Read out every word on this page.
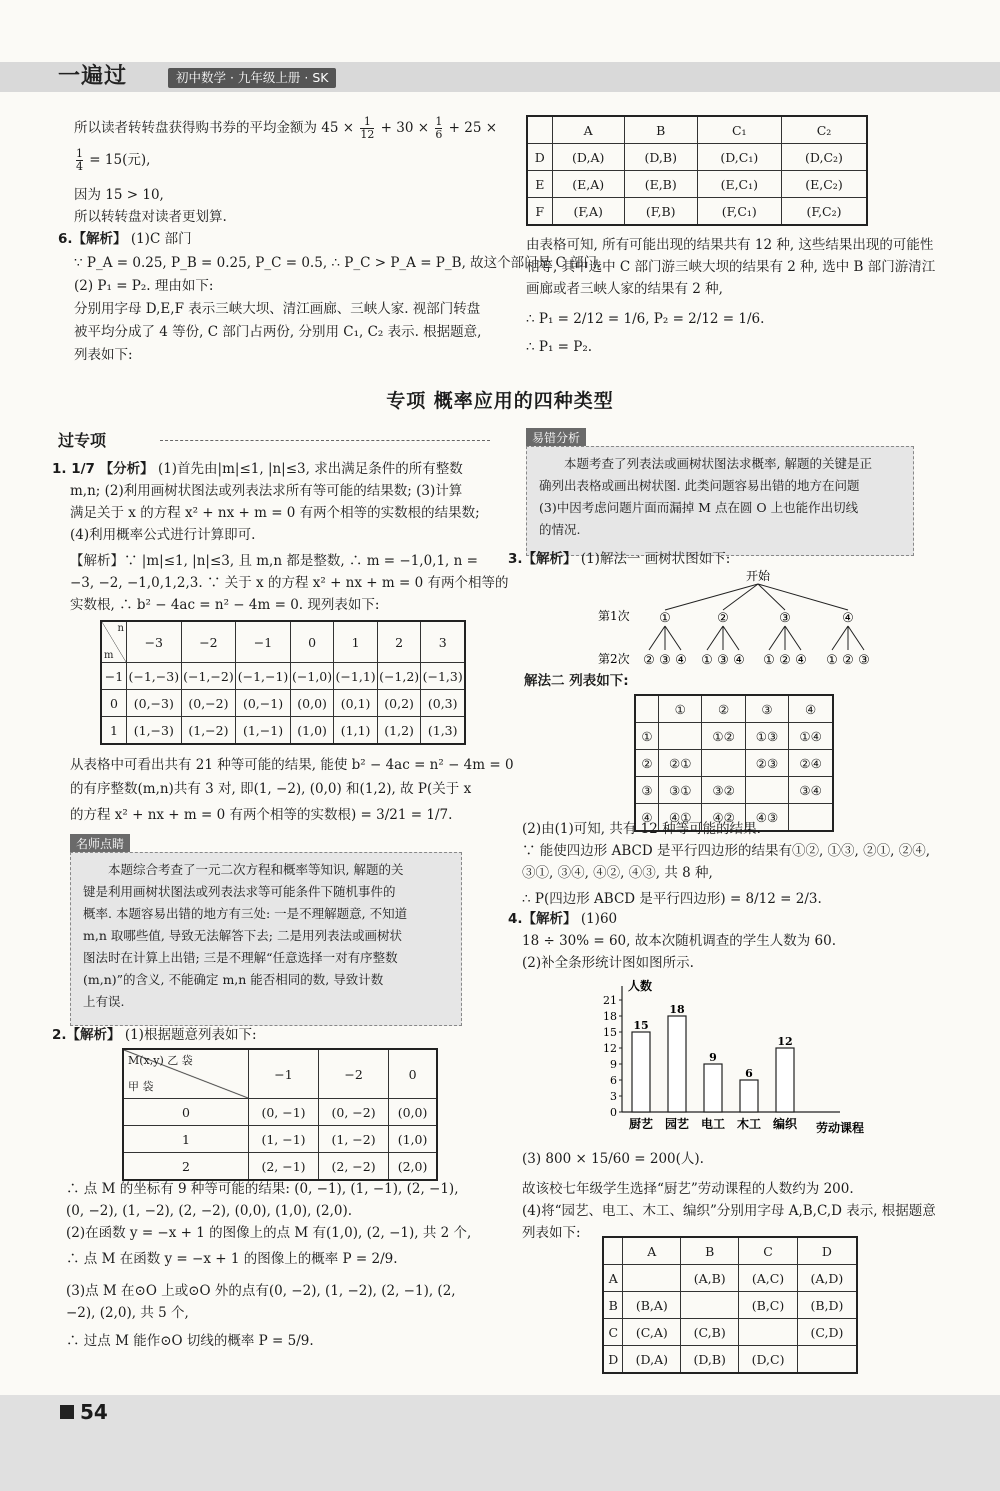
一遍过	初中数学 · 九年级上册 · SK
所以读者转转盘获得购书券的平均金额为 $45 \times \frac{1}{12} + 30 \times \frac{1}{6} + 25$ ×
$\frac{1}{4} = 15$(元),
因为 15 > 10,
所以转转盘对读者更划算.
6.【解析】 (1)C 部门
∵ P_A = 0.25, P_B = 0.25, P_C = 0.5, ∴ P_C > P_A = P_B, 故这个部门是 C 部门.
(2) P₁ = P₂. 理由如下:
分别用字母 D,E,F 表示三峡大坝、清江画廊、三峡人家. 视部门转盘
被平均分成了 4 等份, C 部门占两份, 分别用 C₁, C₂ 表示. 根据题意,
列表如下:
	A	B	C₁	C₂
D	(D,A)	(D,B)	(D,C₁)	(D,C₂)
E	(E,A)	(E,B)	(E,C₁)	(E,C₂)
F	(F,A)	(F,B)	(F,C₁)	(F,C₂)
由表格可知, 所有可能出现的结果共有 12 种, 这些结果出现的可能性
相等, 其中选中 C 部门游三峡大坝的结果有 2 种, 选中 B 部门游清江
画廊或者三峡人家的结果有 2 种,
∴ P₁ = 2/12 = 1/6, P₂ = 2/12 = 1/6.
∴ P₁ = P₂.
专项 概率应用的四种类型
过专项
1. 1/7 【分析】 (1)首先由|m|≤1, |n|≤3, 求出满足条件的所有整数
m,n; (2)利用画树状图法或列表法求所有等可能的结果数; (3)计算
满足关于 x 的方程 x² + nx + m = 0 有两个相等的实数根的结果数;
(4)利用概率公式进行计算即可.
【解析】∵ |m|≤1, |n|≤3, 且 m,n 都是整数, ∴ m = −1,0,1, n =
−3, −2, −1,0,1,2,3. ∵ 关于 x 的方程 x² + nx + m = 0 有两个相等的
实数根, ∴ b² − 4ac = n² − 4m = 0. 现列表如下:
n
m	−3	−2	−1	0	1	2	3
−1	(−1,−3)	(−1,−2)	(−1,−1)	(−1,0)	(−1,1)	(−1,2)	(−1,3)
0	(0,−3)	(0,−2)	(0,−1)	(0,0)	(0,1)	(0,2)	(0,3)
1	(1,−3)	(1,−2)	(1,−1)	(1,0)	(1,1)	(1,2)	(1,3)
从表格中可看出共有 21 种等可能的结果, 能使 b² − 4ac = n² − 4m = 0
的有序整数(m,n)共有 3 对, 即(1, −2), (0,0) 和(1,2), 故 P(关于 x
的方程 x² + nx + m = 0 有两个相等的实数根) = 3/21 = 1/7.
名师点睛
本题综合考查了一元二次方程和概率等知识, 解题的关
键是利用画树状图法或列表法求等可能条件下随机事件的
概率. 本题容易出错的地方有三处: 一是不理解题意, 不知道
m,n 取哪些值, 导致无法解答下去; 二是用列表法或画树状
图法时在计算上出错; 三是不理解“任意选择一对有序整数
(m,n)”的含义, 不能确定 m,n 能否相同的数, 导致计数
上有误.
2.【解析】 (1)根据题意列表如下:
M(x,y) 乙 袋
甲 袋	−1	−2	0
0	(0, −1)	(0, −2)	(0,0)
1	(1, −1)	(1, −2)	(1,0)
2	(2, −1)	(2, −2)	(2,0)
∴ 点 M 的坐标有 9 种等可能的结果: (0, −1), (1, −1), (2, −1),
(0, −2), (1, −2), (2, −2), (0,0), (1,0), (2,0).
(2)在函数 y = −x + 1 的图像上的点 M 有(1,0), (2, −1), 共 2 个,
∴ 点 M 在函数 y = −x + 1 的图像上的概率 P = 2/9.
(3)点 M 在⊙O 上或⊙O 外的点有(0, −2), (1, −2), (2, −1), (2,
−2), (2,0), 共 5 个,
∴ 过点 M 能作⊙O 切线的概率 P = 5/9.
易错分析
本题考查了列表法或画树状图法求概率, 解题的关键是正
确列出表格或画出树状图. 此类问题容易出错的地方在问题
(3)中因考虑问题片面而漏掉 M 点在圆 O 上也能作出切线
的情况.
3.【解析】 (1)解法一 画树状图如下:
开始
第1次
第2次
①
② ③ ④
②
① ③ ④
③
① ② ④
④
① ② ③
解法二 列表如下:
	①	②	③	④
①		①②	①③	①④
②	②①		②③	②④
③	③①	③②		③④
④	④①	④②	④③	
(2)由(1)可知, 共有 12 种等可能的结果.
∵ 能使四边形 ABCD 是平行四边形的结果有①②, ①③, ②①, ②④,
③①, ③④, ④②, ④③, 共 8 种,
∴ P(四边形 ABCD 是平行四边形) = 8/12 = 2/3.
4.【解析】 (1)60
18 ÷ 30% = 60, 故本次随机调查的学生人数为 60.
(2)补全条形统计图如图所示.
人数
劳动课程
0
3
6
9
12
15
18
21
15
厨艺
18
园艺
9
电工
6
木工
12
编织
(3) 800 × 15/60 = 200(人).
故该校七年级学生选择“厨艺”劳动课程的人数约为 200.
(4)将“园艺、电工、木工、编织”分别用字母 A,B,C,D 表示, 根据题意
列表如下:
	A	B	C	D
A		(A,B)	(A,C)	(A,D)
B	(B,A)		(B,C)	(B,D)
C	(C,A)	(C,B)		(C,D)
D	(D,A)	(D,B)	(D,C)	
54
